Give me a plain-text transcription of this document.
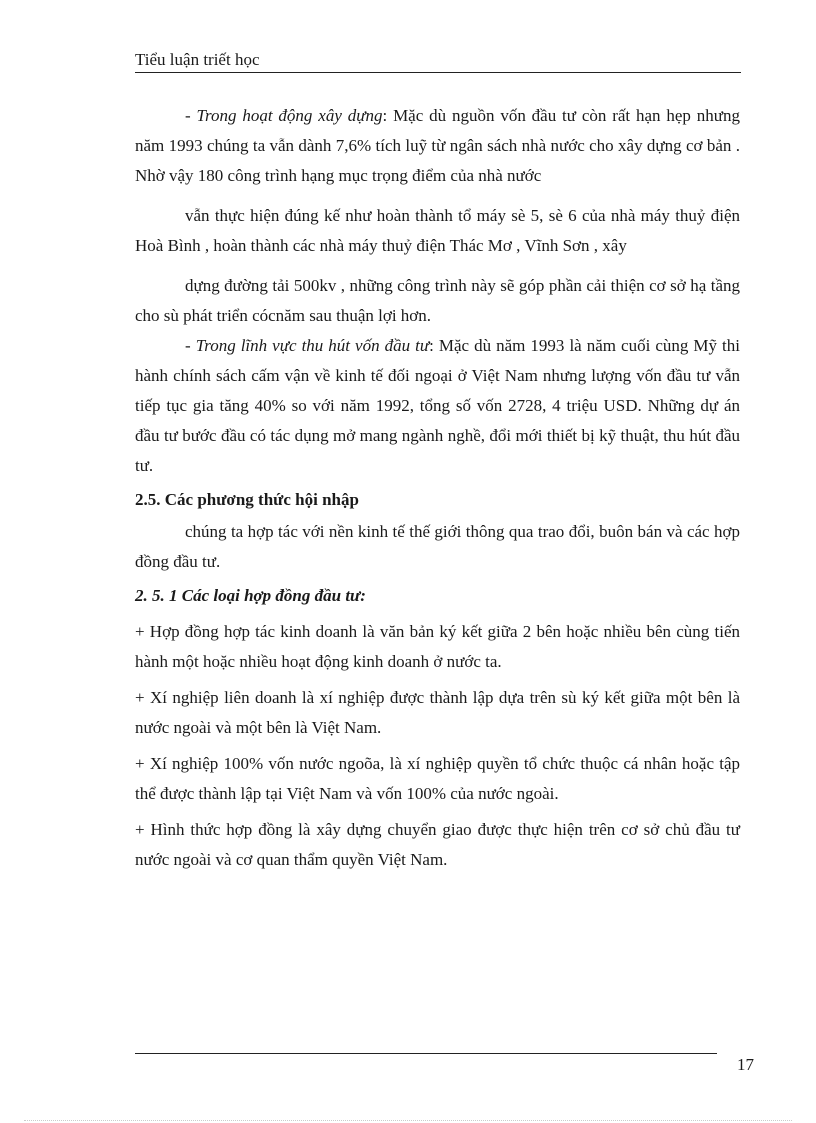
Tiểu luận triết học

- Trong hoạt động xây dựng: Mặc dù nguồn vốn đầu tư còn rất hạn hẹp nhưng năm 1993 chúng ta vẫn dành 7,6% tích luỹ từ ngân sách nhà nước cho xây dựng cơ bản . Nhờ vậy 180 công trình hạng mục trọng điểm của nhà nước

vẫn thực hiện đúng kế như hoàn thành tổ máy sè 5, sè 6 của nhà máy thuỷ điện Hoà Bình , hoàn thành các nhà máy thuỷ điện Thác Mơ , Vĩnh Sơn , xây

dựng đường tải 500kv , những công trình này sẽ góp phần cải thiện cơ sở hạ tầng cho sù phát triển cócnăm sau thuận lợi hơn.

- Trong lĩnh vực thu hút vốn đầu tư: Mặc dù năm 1993 là năm cuối cùng Mỹ thi hành chính sách cấm vận về kinh tế đối ngoại ở Việt Nam nhưng lượng vốn đầu tư vẫn tiếp tục gia tăng 40% so với năm 1992, tổng số vốn 2728, 4 triệu USD. Những dự án đầu tư bước đầu có tác dụng mở mang ngành nghề, đổi mới thiết bị kỹ thuật, thu hút đầu tư.

2.5. Các phương thức hội nhập

chúng ta hợp tác với nền kinh tế thế giới thông qua trao đổi, buôn bán và các hợp đồng đầu tư.

2. 5. 1 Các loại hợp đồng đầu tư:

+ Hợp đồng hợp tác kinh doanh là văn bản ký kết giữa 2 bên hoặc nhiều bên cùng tiến hành một hoặc nhiều hoạt động kinh doanh ở nước ta.

+ Xí nghiệp liên doanh là xí nghiệp được thành lập dựa trên sù ký kết giữa một bên là nước ngoài và một bên là Việt Nam.

+ Xí nghiệp 100% vốn nước ngoõa, là xí nghiệp quyền tổ chức thuộc cá nhân hoặc tập thể được thành lập tại Việt Nam và vốn 100% của nước ngoài.

+ Hình thức hợp đồng là xây dựng chuyển giao được thực hiện trên cơ sở chủ đầu tư nước ngoài và cơ quan thẩm quyền Việt Nam.

17
